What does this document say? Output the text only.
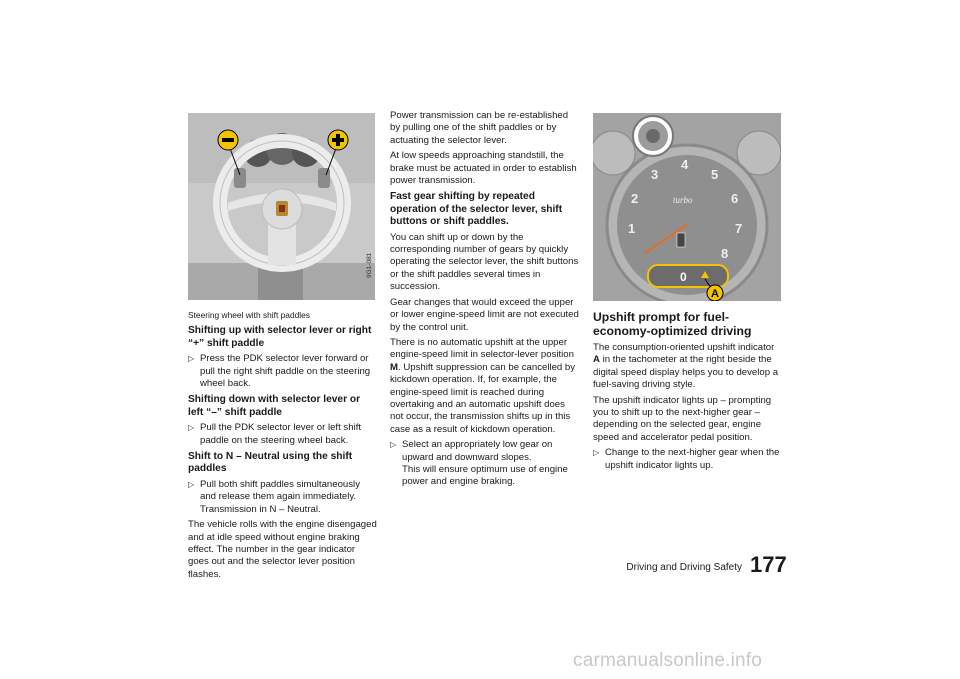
9G1-081
Steering wheel with shift paddles
Shifting up with selector lever or right “+” shift paddle
▷ Press the PDK selector lever forward or pull the right shift paddle on the steering wheel back.
Shifting down with selector lever or left “–” shift paddle
▷ Pull the PDK selector lever or left shift paddle on the steering wheel back.
Shift to N – Neutral using the shift paddles
▷ Pull both shift paddles simultaneously and release them again immediately. Transmission in N – Neutral.

The vehicle rolls with the engine disengaged and at idle speed without engine braking effect. The number in the gear indicator goes out and the selector lever position flashes.

Power transmission can be re-established by pulling one of the shift paddles or by actuating the selector lever.

At low speeds approaching standstill, the brake must be actuated in order to establish power transmission.

Fast gear shifting by repeated operation of the selector lever, shift buttons or shift paddles.

You can shift up or down by the corresponding number of gears by quickly operating the selector lever, the shift buttons or the shift paddles several times in succession.

Gear changes that would exceed the upper or lower engine-speed limit are not executed by the control unit.

There is no automatic upshift at the upper engine-speed limit in selector-lever position M. Upshift suppression can be cancelled by kickdown operation. If, for example, the engine-speed limit is reached during overtaking and an automatic upshift does not occur, the transmission shifts up in this case as a result of kickdown operation.

▷ Select an appropriately low gear on upward and downward slopes.
This will ensure optimum use of engine power and engine braking.
1
2
3
4
5
6
7
8
turbo
0
A
Upshift prompt for fuel-economy-optimized driving

The consumption-oriented upshift indicator A in the tachometer at the right beside the digital speed display helps you to develop a fuel-saving driving style.

The upshift indicator lights up – prompting you to shift up to the next-higher gear – depending on the selected gear, engine speed and accelerator pedal position.

▷ Change to the next-higher gear when the upshift indicator lights up.
Driving and Driving Safety 177
carmanualsonline.info
